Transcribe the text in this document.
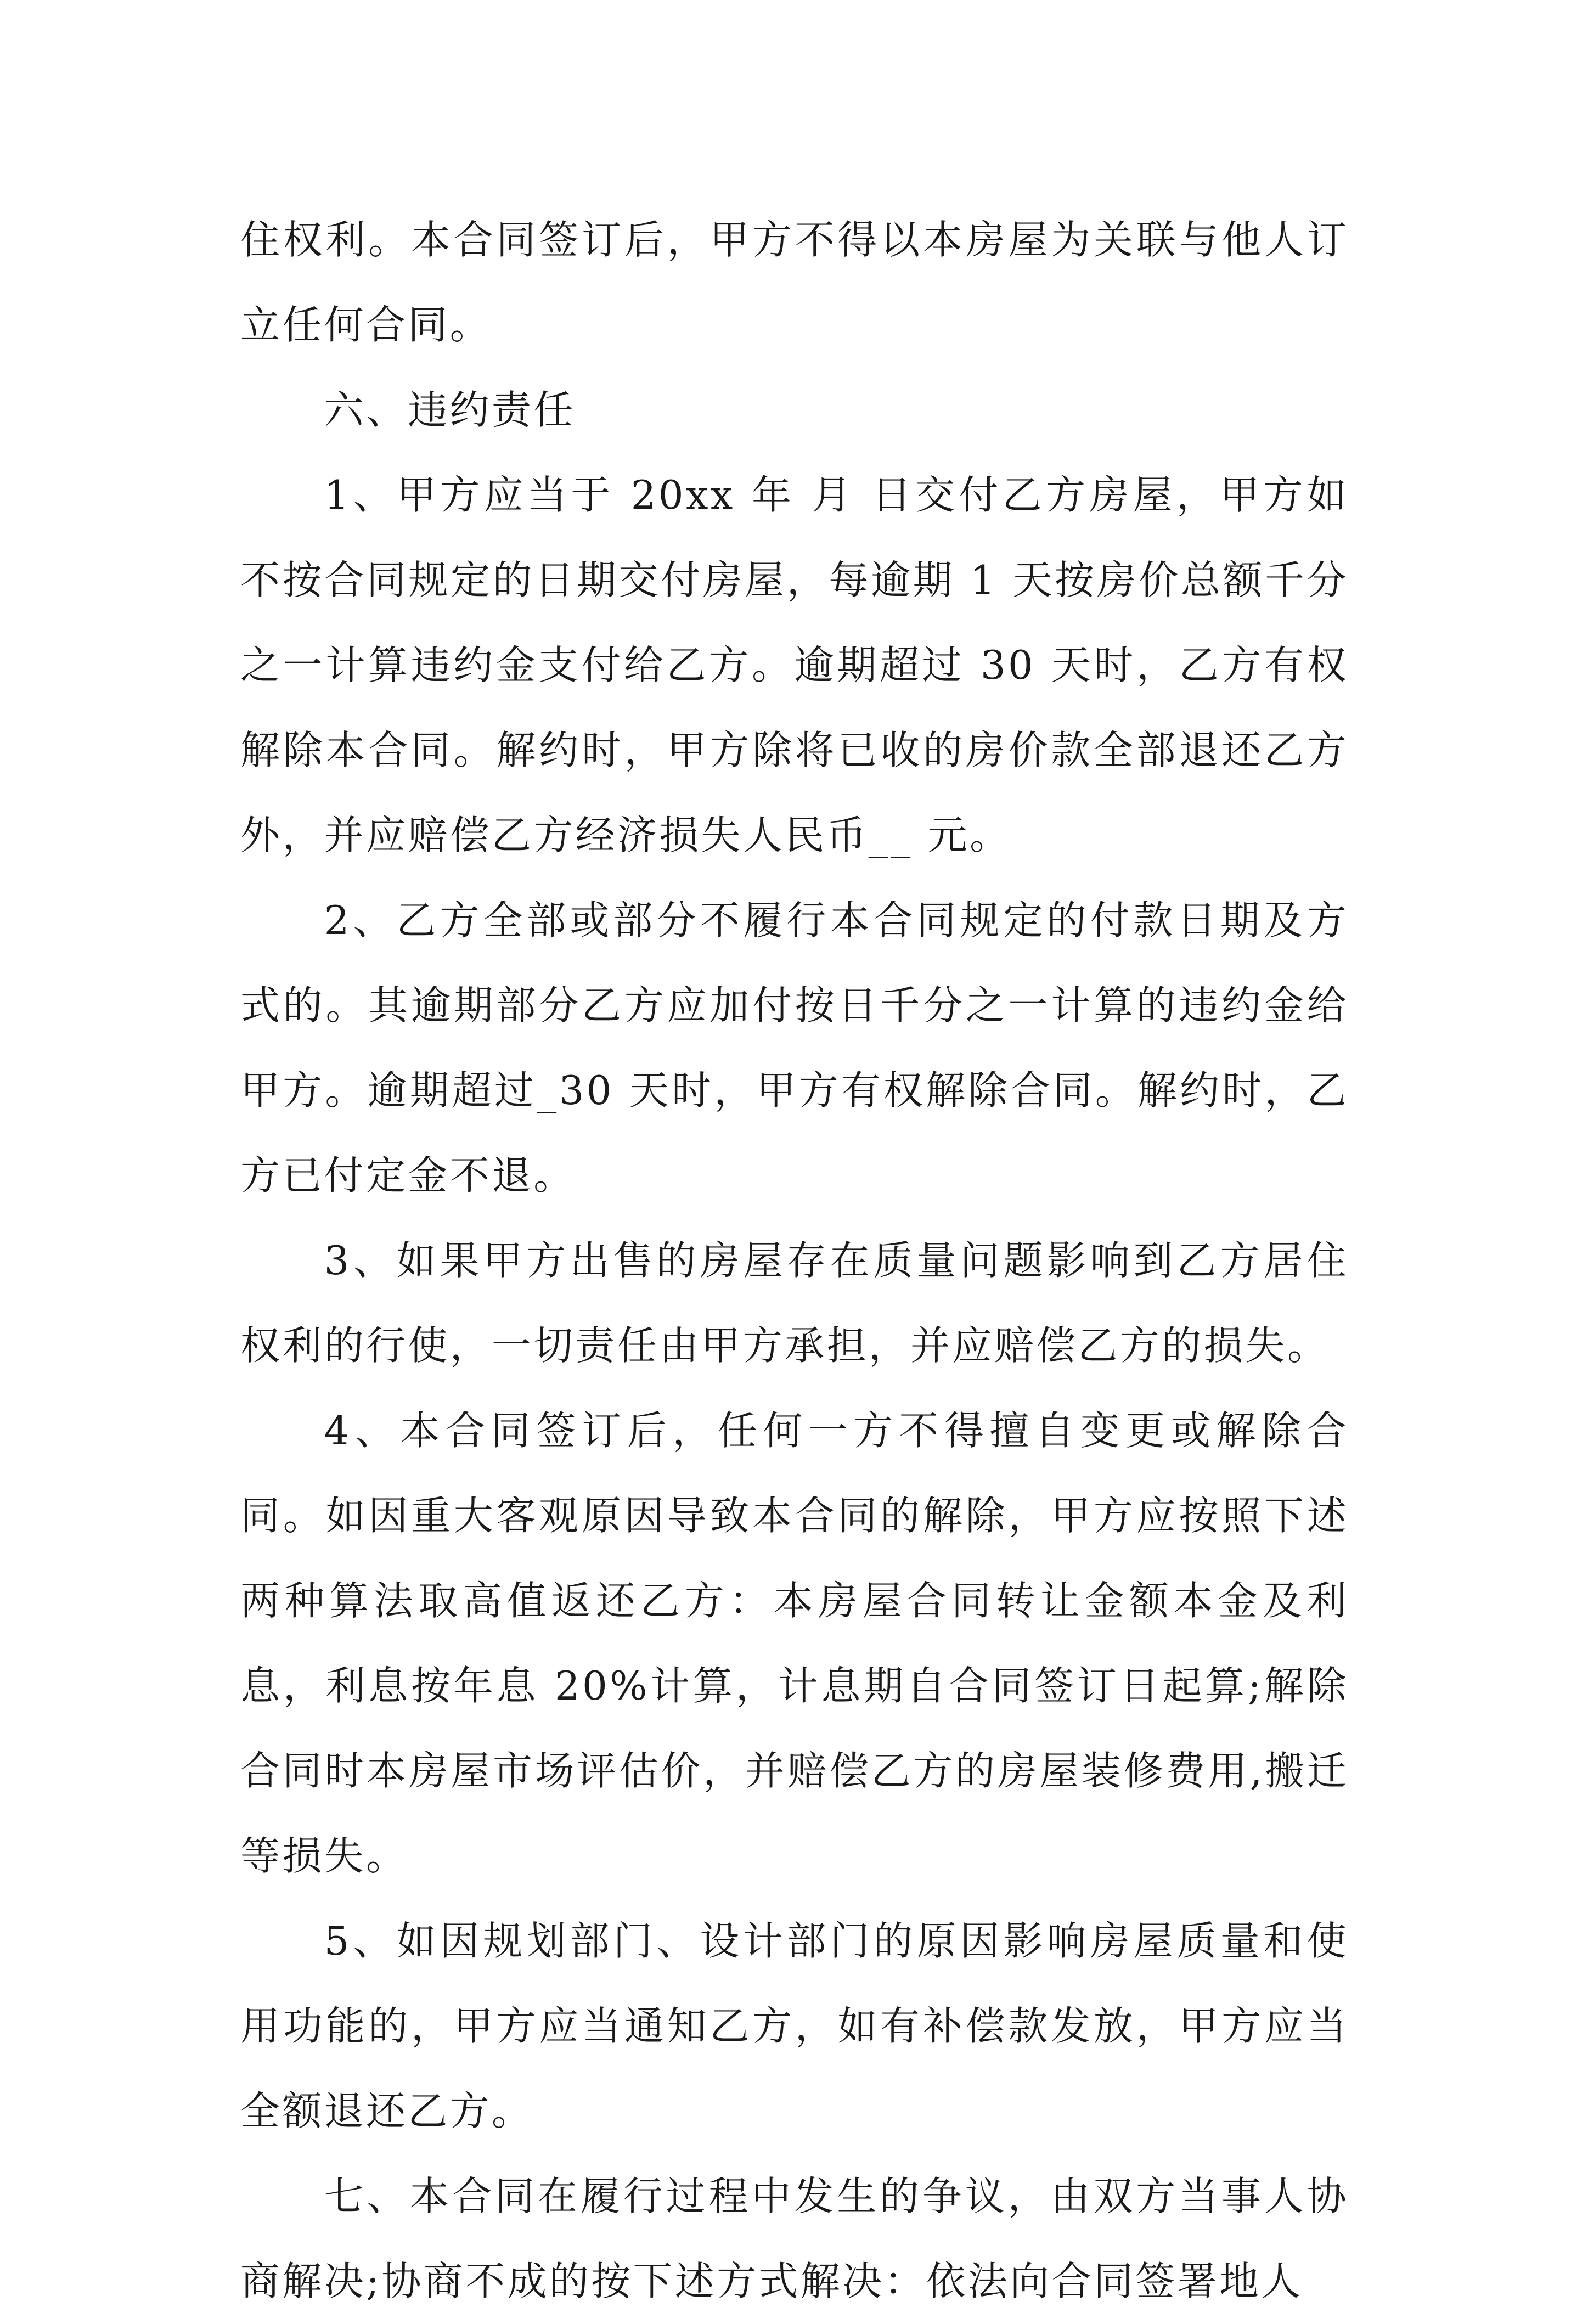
住权利。本合同签订后，甲方不得以本房屋为关联与他人订立任何合同。

六、违约责任

1、甲方应当于 20xx 年 月 日交付乙方房屋，甲方如不按合同规定的日期交付房屋，每逾期 1 天按房价总额千分之一计算违约金支付给乙方。逾期超过 30 天时，乙方有权解除本合同。解约时，甲方除将已收的房价款全部退还乙方外，并应赔偿乙方经济损失人民币__ 元。

2、乙方全部或部分不履行本合同规定的付款日期及方式的。其逾期部分乙方应加付按日千分之一计算的违约金给甲方。逾期超过_30 天时，甲方有权解除合同。解约时，乙方已付定金不退。

3、如果甲方出售的房屋存在质量问题影响到乙方居住权利的行使，一切责任由甲方承担，并应赔偿乙方的损失。

4、本合同签订后，任何一方不得擅自变更或解除合同。如因重大客观原因导致本合同的解除，甲方应按照下述两种算法取高值返还乙方：本房屋合同转让金额本金及利息，利息按年息 20%计算，计息期自合同签订日起算;解除合同时本房屋市场评估价，并赔偿乙方的房屋装修费用,搬迁等损失。

5、如因规划部门、设计部门的原因影响房屋质量和使用功能的，甲方应当通知乙方，如有补偿款发放，甲方应当全额退还乙方。

七、本合同在履行过程中发生的争议，由双方当事人协商解决;协商不成的按下述方式解决：依法向合同签署地人
